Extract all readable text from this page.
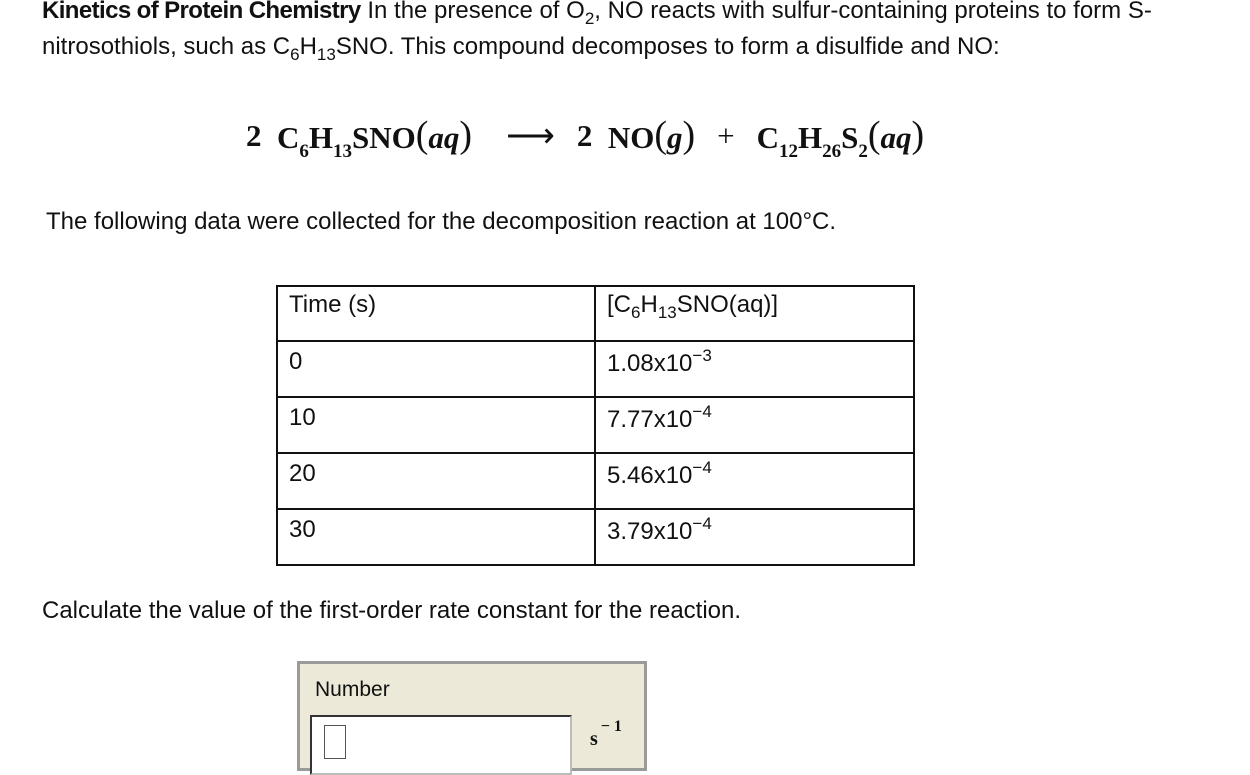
Kinetics of Protein Chemistry In the presence of $O_2$, NO reacts with sulfur-containing proteins to form S-nitrosothiols, such as $C_6H_{13}SNO$. This compound decomposes to form a disulfide and NO:
2
$C_6H_{13}SNO(aq)$ ⟶ 2
$NO(g) + C_{12}H_{26}S_2(aq)$
The following data were collected for the decomposition reaction at 100°C.
Time (s)	$[C_6H_{13}SNO(aq)]$
0	$1.08x10^{-3}$
10	$7.77x10^{-4}$
20	$5.46x10^{-4}$
30	$3.79x10^{-4}$
Calculate the value of the first-order rate constant for the reaction.
Number
$s^{- 1}$
